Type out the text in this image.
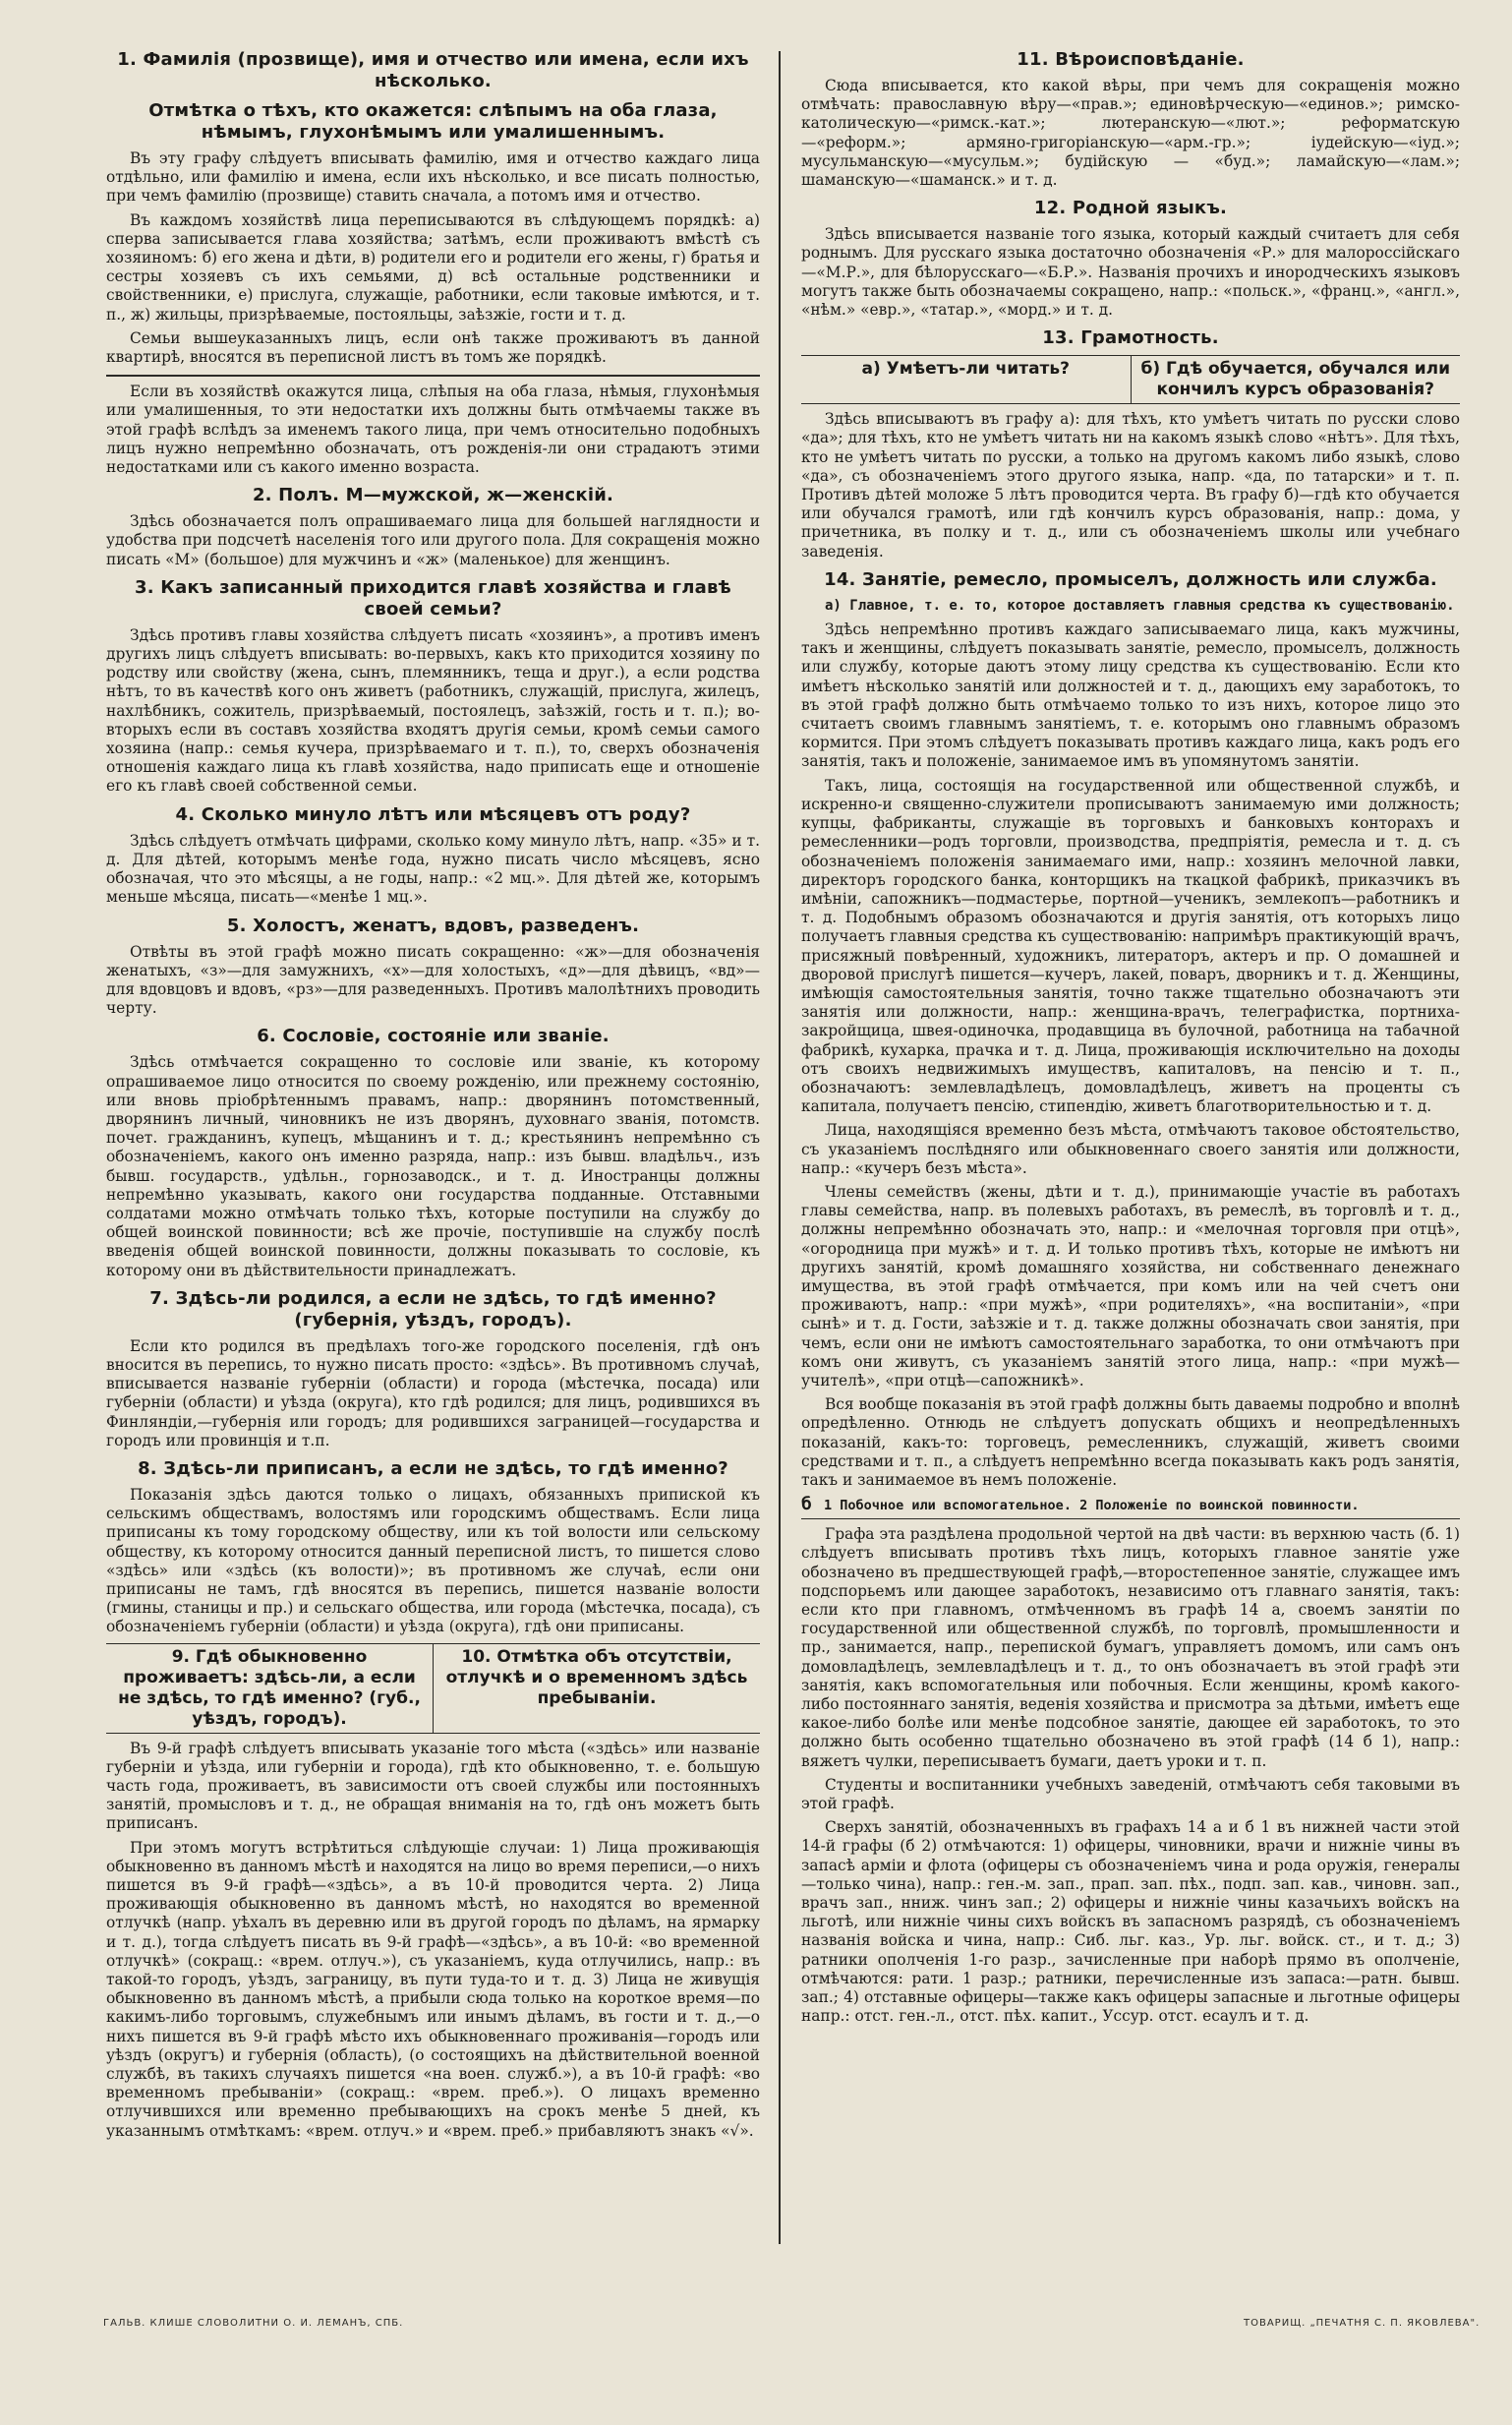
1. Фамилія (прозвище), имя и отчество или имена, если ихъ нѣсколько.
Отмѣтка о тѣхъ, кто окажется: слѣпымъ на оба глаза, нѣмымъ, глухонѣмымъ или умалишеннымъ.

Въ эту графу слѣдуетъ вписывать фамилію, имя и отчество каждаго лица отдѣльно, или фамилію и имена, если ихъ нѣсколько, и все писать полностью, при чемъ фамилію (прозвище) ставить сначала, а потомъ имя и отчество.

Въ каждомъ хозяйствѣ лица переписываются въ слѣдующемъ порядкѣ: а) сперва записывается глава хозяйства; затѣмъ, если проживаютъ вмѣстѣ съ хозяиномъ: б) его жена и дѣти, в) родители его и родители его жены, г) братья и сестры хозяевъ съ ихъ семьями, д) всѣ остальные родственники и свойственники, е) прислуга, служащіе, работники, если таковые имѣются, и т. п., ж) жильцы, призрѣваемые, постояльцы, заѣзжіе, гости и т. д.

Семьи вышеуказанныхъ лицъ, если онѣ также проживаютъ въ данной квартирѣ, вносятся въ переписной листъ въ томъ же порядкѣ.

Если въ хозяйствѣ окажутся лица, слѣпыя на оба глаза, нѣмыя, глухонѣмыя или умалишенныя, то эти недостатки ихъ должны быть отмѣчаемы также въ этой графѣ вслѣдъ за именемъ такого лица, при чемъ относительно подобныхъ лицъ нужно непремѣнно обозначать, отъ рожденія-ли они страдаютъ этими недостатками или съ какого именно возраста.

2. Полъ. М—мужской, ж—женскій.

Здѣсь обозначается полъ опрашиваемаго лица для большей наглядности и удобства при подсчетѣ населенія того или другого пола. Для сокращенія можно писать «М» (большое) для мужчинъ и «ж» (маленькое) для женщинъ.

3. Какъ записанный приходится главѣ хозяйства и главѣ своей семьи?

Здѣсь противъ главы хозяйства слѣдуетъ писать «хозяинъ», а противъ именъ другихъ лицъ слѣдуетъ вписывать: во-первыхъ, какъ кто приходится хозяину по родству или свойству (жена, сынъ, племянникъ, теща и друг.), а если родства нѣтъ, то въ качествѣ кого онъ живетъ (работникъ, служащій, прислуга, жилецъ, нахлѣбникъ, сожитель, призрѣваемый, постоялецъ, заѣзжій, гость и т. п.); во-вторыхъ если въ составъ хозяйства входятъ другія семьи, кромѣ семьи самого хозяина (напр.: семья кучера, призрѣваемаго и т. п.), то, сверхъ обозначенія отношенія каждаго лица къ главѣ хозяйства, надо приписать еще и отношеніе его къ главѣ своей собственной семьи.

4. Сколько минуло лѣтъ или мѣсяцевъ отъ роду?

Здѣсь слѣдуетъ отмѣчать цифрами, сколько кому минуло лѣтъ, напр. «35» и т. д. Для дѣтей, которымъ менѣе года, нужно писать число мѣсяцевъ, ясно обозначая, что это мѣсяцы, а не годы, напр.: «2 мц.». Для дѣтей же, которымъ меньше мѣсяца, писать—«менѣе 1 мц.».

5. Холостъ, женатъ, вдовъ, разведенъ.

Отвѣты въ этой графѣ можно писать сокращенно: «ж»—для обозначенія женатыхъ, «з»—для замужнихъ, «х»—для холостыхъ, «д»—для дѣвицъ, «вд»—для вдовцовъ и вдовъ, «рз»—для разведенныхъ. Противъ малолѣтнихъ проводить черту.

6. Сословіе, состояніе или званіе.

Здѣсь отмѣчается сокращенно то сословіе или званіе, къ которому опрашиваемое лицо относится по своему рожденію, или прежнему состоянію, или вновь пріобрѣтеннымъ правамъ, напр.: дворянинъ потомственный, дворянинъ личный, чиновникъ не изъ дворянъ, духовнаго званія, потомств. почет. гражданинъ, купецъ, мѣщанинъ и т. д.; крестьянинъ непремѣнно съ обозначеніемъ, какого онъ именно разряда, напр.: изъ бывш. владѣльч., изъ бывш. государств., удѣльн., горнозаводск., и т. д. Иностранцы должны непремѣнно указывать, какого они государства подданные. Отставными солдатами можно отмѣчать только тѣхъ, которые поступили на службу до общей воинской повинности; всѣ же прочіе, поступившіе на службу послѣ введенія общей воинской повинности, должны показывать то сословіе, къ которому они въ дѣйствительности принадлежатъ.

7. Здѣсь-ли родился, а если не здѣсь, то гдѣ именно? (губернія, уѣздъ, городъ).

Если кто родился въ предѣлахъ того-же городского поселенія, гдѣ онъ вносится въ перепись, то нужно писать просто: «здѣсь». Въ противномъ случаѣ, вписывается названіе губерніи (области) и города (мѣстечка, посада) или губерніи (области) и уѣзда (округа), кто гдѣ родился; для лицъ, родившихся въ Финляндіи,—губернія или городъ; для родившихся заграницей—государства и городъ или провинція и т.п.

8. Здѣсь-ли приписанъ, а если не здѣсь, то гдѣ именно?

Показанія здѣсь даются только о лицахъ, обязанныхъ припиской къ сельскимъ обществамъ, волостямъ или городскимъ обществамъ. Если лица приписаны къ тому городскому обществу, или къ той волости или сельскому обществу, къ которому относится данный переписной листъ, то пишется слово «здѣсь» или «здѣсь (къ волости)»; въ противномъ же случаѣ, если они приписаны не тамъ, гдѣ вносятся въ перепись, пишется названіе волости (гмины, станицы и пр.) и сельскаго общества, или города (мѣстечка, посада), съ обозначеніемъ губерніи (области) и уѣзда (округа), гдѣ они приписаны.

9. Гдѣ обыкновенно проживаетъ: здѣсь-ли, а если не здѣсь, то гдѣ именно? (губ., уѣздъ, городъ).
10. Отмѣтка объ отсутствіи, отлучкѣ и о временномъ здѣсь пребываніи.

Въ 9-й графѣ слѣдуетъ вписывать указаніе того мѣста («здѣсь» или названіе губерніи и уѣзда, или губерніи и города), гдѣ кто обыкновенно, т. е. большую часть года, проживаетъ, въ зависимости отъ своей службы или постоянныхъ занятій, промысловъ и т. д., не обращая вниманія на то, гдѣ онъ можетъ быть приписанъ.

При этомъ могутъ встрѣтиться слѣдующіе случаи: 1) Лица проживающія обыкновенно въ данномъ мѣстѣ и находятся на лицо во время переписи,—о нихъ пишется въ 9-й графѣ—«здѣсь», а въ 10-й проводится черта. 2) Лица проживающія обыкновенно въ данномъ мѣстѣ, но находятся во временной отлучкѣ (напр. уѣхалъ въ деревню или въ другой городъ по дѣламъ, на ярмарку и т. д.), тогда слѣдуетъ писать въ 9-й графѣ—«здѣсь», а въ 10-й: «во временной отлучкѣ» (сокращ.: «врем. отлуч.»), съ указаніемъ, куда отлучились, напр.: въ такой-то городъ, уѣздъ, заграницу, въ пути туда-то и т. д. 3) Лица не живущія обыкновенно въ данномъ мѣстѣ, а прибыли сюда только на короткое время—по какимъ-либо торговымъ, служебнымъ или инымъ дѣламъ, въ гости и т. д.,—о нихъ пишется въ 9-й графѣ мѣсто ихъ обыкновеннаго проживанія—городъ или уѣздъ (округъ) и губернія (область), (о состоящихъ на дѣйствительной военной службѣ, въ такихъ случаяхъ пишется «на воен. служб.»), а въ 10-й графѣ: «во временномъ пребываніи» (сокращ.: «врем. преб.»). О лицахъ временно отлучившихся или временно пребывающихъ на срокъ менѣе 5 дней, къ указаннымъ отмѣткамъ: «врем. отлуч.» и «врем. преб.» прибавляютъ знакъ «√».

11. Вѣроисповѣданіе.

Сюда вписывается, кто какой вѣры, при чемъ для сокращенія можно отмѣчать: православную вѣру—«прав.»; единовѣрческую—«единов.»; римско-католическую—«римск.-кат.»; лютеранскую—«лют.»; реформатскую—«реформ.»; армяно-григоріанскую—«арм.-гр.»; іудейскую—«іуд.»; мусульманскую—«мусульм.»; будійскую — «буд.»; ламайскую—«лам.»; шаманскую—«шаманск.» и т. д.

12. Родной языкъ.

Здѣсь вписывается названіе того языка, который каждый считаетъ для себя роднымъ. Для русскаго языка достаточно обозначенія «Р.» для малороссійскаго—«М.Р.», для бѣлорусскаго—«Б.Р.». Названія прочихъ и инородческихъ языковъ могутъ также быть обозначаемы сокращено, напр.: «польск.», «франц.», «англ.», «нѣм.» «евр.», «татар.», «морд.» и т. д.

13. Грамотность.
а) Умѣетъ-ли читать?	б) Гдѣ обучается, обучался или кончилъ курсъ образованія?

Здѣсь вписываютъ въ графу а): для тѣхъ, кто умѣетъ читать по русски слово «да»; для тѣхъ, кто не умѣетъ читать ни на какомъ языкѣ слово «нѣтъ». Для тѣхъ, кто не умѣетъ читать по русски, а только на другомъ какомъ либо языкѣ, слово «да», съ обозначеніемъ этого другого языка, напр. «да, по татарски» и т. п. Противъ дѣтей моложе 5 лѣтъ проводится черта. Въ графу б)—гдѣ кто обучается или обучался грамотѣ, или гдѣ кончилъ курсъ образованія, напр.: дома, у причетника, въ полку и т. д., или съ обозначеніемъ школы или учебнаго заведенія.

14. Занятіе, ремесло, промыселъ, должность или служба.

а) Главное, т. е. то, которое доставляетъ главныя средства къ существованію.

Здѣсь непремѣнно противъ каждаго записываемаго лица, какъ мужчины, такъ и женщины, слѣдуетъ показывать занятіе, ремесло, промыселъ, должность или службу, которые даютъ этому лицу средства къ существованію. Если кто имѣетъ нѣсколько занятій или должностей и т. д., дающихъ ему заработокъ, то въ этой графѣ должно быть отмѣчаемо только то изъ нихъ, которое лицо это считаетъ своимъ главнымъ занятіемъ, т. е. которымъ оно главнымъ образомъ кормится. При этомъ слѣдуетъ показывать противъ каждаго лица, какъ родъ его занятія, такъ и положеніе, занимаемое имъ въ упомянутомъ занятіи.

Такъ, лица, состоящія на государственной или общественной службѣ, и искренно-и священно-служители прописываютъ занимаемую ими должность; купцы, фабриканты, служащіе въ торговыхъ и банковыхъ конторахъ и ремесленники—родъ торговли, производства, предпріятія, ремесла и т. д. съ обозначеніемъ положенія занимаемаго ими, напр.: хозяинъ мелочной лавки, директоръ городского банка, конторщикъ на ткацкой фабрикѣ, приказчикъ въ имѣніи, сапожникъ—подмастерье, портной—ученикъ, землекопъ—работникъ и т. д. Подобнымъ образомъ обозначаются и другія занятія, отъ которыхъ лицо получаетъ главныя средства къ существованію: напримѣръ практикующій врачъ, присяжный повѣренный, художникъ, литераторъ, актеръ и пр. О домашней и дворовой прислугѣ пишется—кучеръ, лакей, поваръ, дворникъ и т. д. Женщины, имѣющія самостоятельныя занятія, точно также тщательно обозначаютъ эти занятія или должности, напр.: женщина-врачъ, телеграфистка, портниха-закройщица, швея-одиночка, продавщица въ булочной, работница на табачной фабрикѣ, кухарка, прачка и т. д. Лица, проживающія исключительно на доходы отъ своихъ недвижимыхъ имуществъ, капиталовъ, на пенсію и т. п., обозначаютъ: землевладѣлецъ, домовладѣлецъ, живетъ на проценты съ капитала, получаетъ пенсію, стипендію, живетъ благотворительностью и т. д.

Лица, находящіяся временно безъ мѣста, отмѣчаютъ таковое обстоятельство, съ указаніемъ послѣдняго или обыкновеннаго своего занятія или должности, напр.: «кучеръ безъ мѣста».

Члены семействъ (жены, дѣти и т. д.), принимающіе участіе въ работахъ главы семейства, напр. въ полевыхъ работахъ, въ ремеслѣ, въ торговлѣ и т. д., должны непремѣнно обозначать это, напр.: и «мелочная торговля при отцѣ», «огородница при мужѣ» и т. д. И только противъ тѣхъ, которые не имѣютъ ни другихъ занятій, кромѣ домашняго хозяйства, ни собственнаго денежнаго имущества, въ этой графѣ отмѣчается, при комъ или на чей счетъ они проживаютъ, напр.: «при мужѣ», «при родителяхъ», «на воспитаніи», «при сынѣ» и т. д. Гости, заѣзжіе и т. д. также должны обозначать свои занятія, при чемъ, если они не имѣютъ самостоятельнаго заработка, то они отмѣчаютъ при комъ они живутъ, съ указаніемъ занятій этого лица, напр.: «при мужѣ—учителѣ», «при отцѣ—сапожникѣ».

Вся вообще показанія въ этой графѣ должны быть даваемы подробно и вполнѣ опредѣленно. Отнюдь не слѣдуетъ допускать общихъ и неопредѣленныхъ показаній, какъ-то: торговецъ, ремесленникъ, служащій, живетъ своими средствами и т. п., а слѣдуетъ непремѣнно всегда показывать какъ родъ занятія, такъ и занимаемое въ немъ положеніе.

б 1 Побочное или вспомогательное. 2 Положеніе по воинской повинности.

Графа эта раздѣлена продольной чертой на двѣ части: въ верхнюю часть (б. 1) слѣдуетъ вписывать противъ тѣхъ лицъ, которыхъ главное занятіе уже обозначено въ предшествующей графѣ,—второстепенное занятіе, служащее имъ подспорьемъ или дающее заработокъ, независимо отъ главнаго занятія, такъ: если кто при главномъ, отмѣченномъ въ графѣ 14 а, своемъ занятіи по государственной или общественной службѣ, по торговлѣ, промышленности и пр., занимается, напр., перепиской бумагъ, управляетъ домомъ, или самъ онъ домовладѣлецъ, землевладѣлецъ и т. д., то онъ обозначаетъ въ этой графѣ эти занятія, какъ вспомогательныя или побочныя. Если женщины, кромѣ какого-либо постояннаго занятія, веденія хозяйства и присмотра за дѣтьми, имѣетъ еще какое-либо болѣе или менѣе подсобное занятіе, дающее ей заработокъ, то это должно быть особенно тщательно обозначено въ этой графѣ (14 б 1), напр.: вяжетъ чулки, переписываетъ бумаги, даетъ уроки и т. п.

Студенты и воспитанники учебныхъ заведеній, отмѣчаютъ себя таковыми въ этой графѣ.

Сверхъ занятій, обозначенныхъ въ графахъ 14 а и б 1 въ нижней части этой 14-й графы (б 2) отмѣчаются: 1) офицеры, чиновники, врачи и нижніе чины въ запасѣ арміи и флота (офицеры съ обозначеніемъ чина и рода оружія, генералы—только чина), напр.: ген.-м. зап., прап. зап. пѣх., подп. зап. кав., чиновн. зап., врачъ зап., нниж. чинъ зап.; 2) офицеры и нижніе чины казачьихъ войскъ на льготѣ, или нижніе чины сихъ войскъ въ запасномъ разрядѣ, съ обозначеніемъ названія войска и чина, напр.: Сиб. льг. каз., Ур. льг. войск. ст., и т. д.; 3) ратники ополченія 1-го разр., зачисленные при наборѣ прямо въ ополченіе, отмѣчаются: рати. 1 разр.; ратники, перечисленные изъ запаса:—ратн. бывш. зап.; 4) отставные офицеры—также какъ офицеры запасные и льготные офицеры напр.: отст. ген.-л., отст. пѣх. капит., Уссур. отст. есаулъ и т. д.

ГАЛЬВ. КЛИШЕ СЛОВОЛИТНИ О. И. ЛЕМАНЪ, СПБ.	ТОВАРИЩ. „ПЕЧАТНЯ С. П. ЯКОВЛЕВА".
